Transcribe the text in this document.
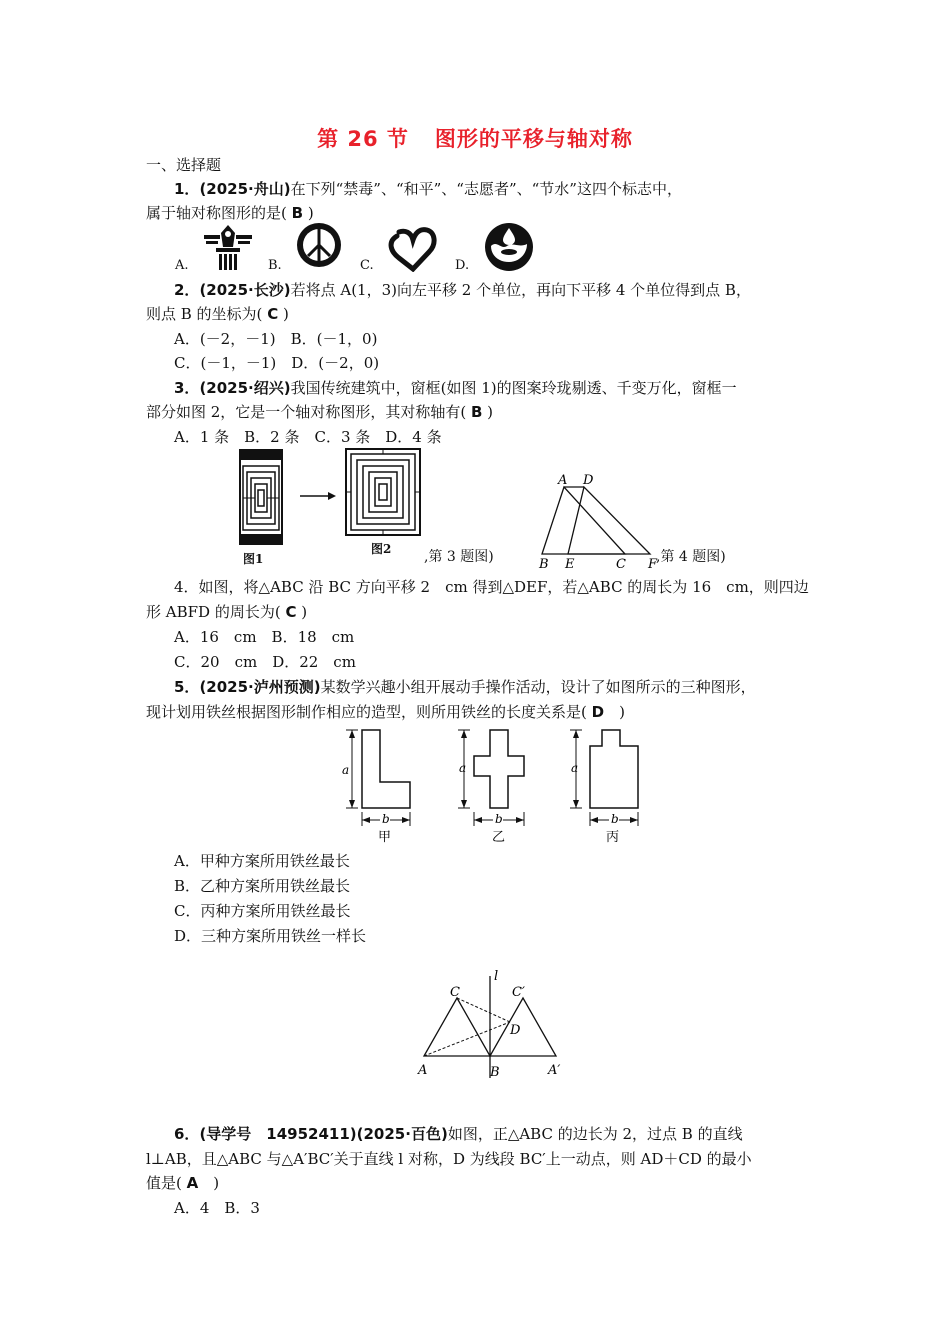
第 26 节 图形的平移与轴对称
一、选择题
1．(2025·舟山)在下列“禁毒”、“和平”、“志愿者”、“节水”这四个标志中，
属于轴对称图形的是( B )
A.	B.	C.	D.
2．(2025·长沙)若将点 A(1，3)向左平移 2 个单位，再向下平移 4 个单位得到点 B，
则点 B 的坐标为( C )
A．(－2，－1)　B．(－1，0)
C．(－1，－1)　D．(－2，0)
3．(2025·绍兴)我国传统建筑中，窗框(如图 1)的图案玲珑剔透、千变万化，窗框一
部分如图 2，它是一个轴对称图形，其对称轴有( B )
A．1 条　B．2 条　C．3 条　D．4 条
图1
图2 ,第 3 题图)
A D
B E	C F
,第 4 题图)
4．如图，将△ABC 沿 BC 方向平移 2　cm 得到△DEF，若△ABC 的周长为 16　cm，则四边
形 ABFD 的周长为( C )
A．16　cm　B．18　cm
C．20　cm　D．22　cm
5．(2025·泸州预测)某数学兴趣小组开展动手操作活动，设计了如图所示的三种图形，
现计划用铁丝根据图形制作相应的造型，则所用铁丝的长度关系是( D　 )
a
b
甲
a
b
乙
a
b
丙
A．甲种方案所用铁丝最长
B．乙种方案所用铁丝最长
C．丙种方案所用铁丝最长
D．三种方案所用铁丝一样长
l
C	C′
D
A	B	A′
6．(导学号　14952411)(2025·百色)如图，正△ABC 的边长为 2，过点 B 的直线
l⊥AB，且△ABC 与△A′BC′关于直线 l 对称，D 为线段 BC′上一动点，则 AD＋CD 的最小
值是( A　 )
A．4　B．3
